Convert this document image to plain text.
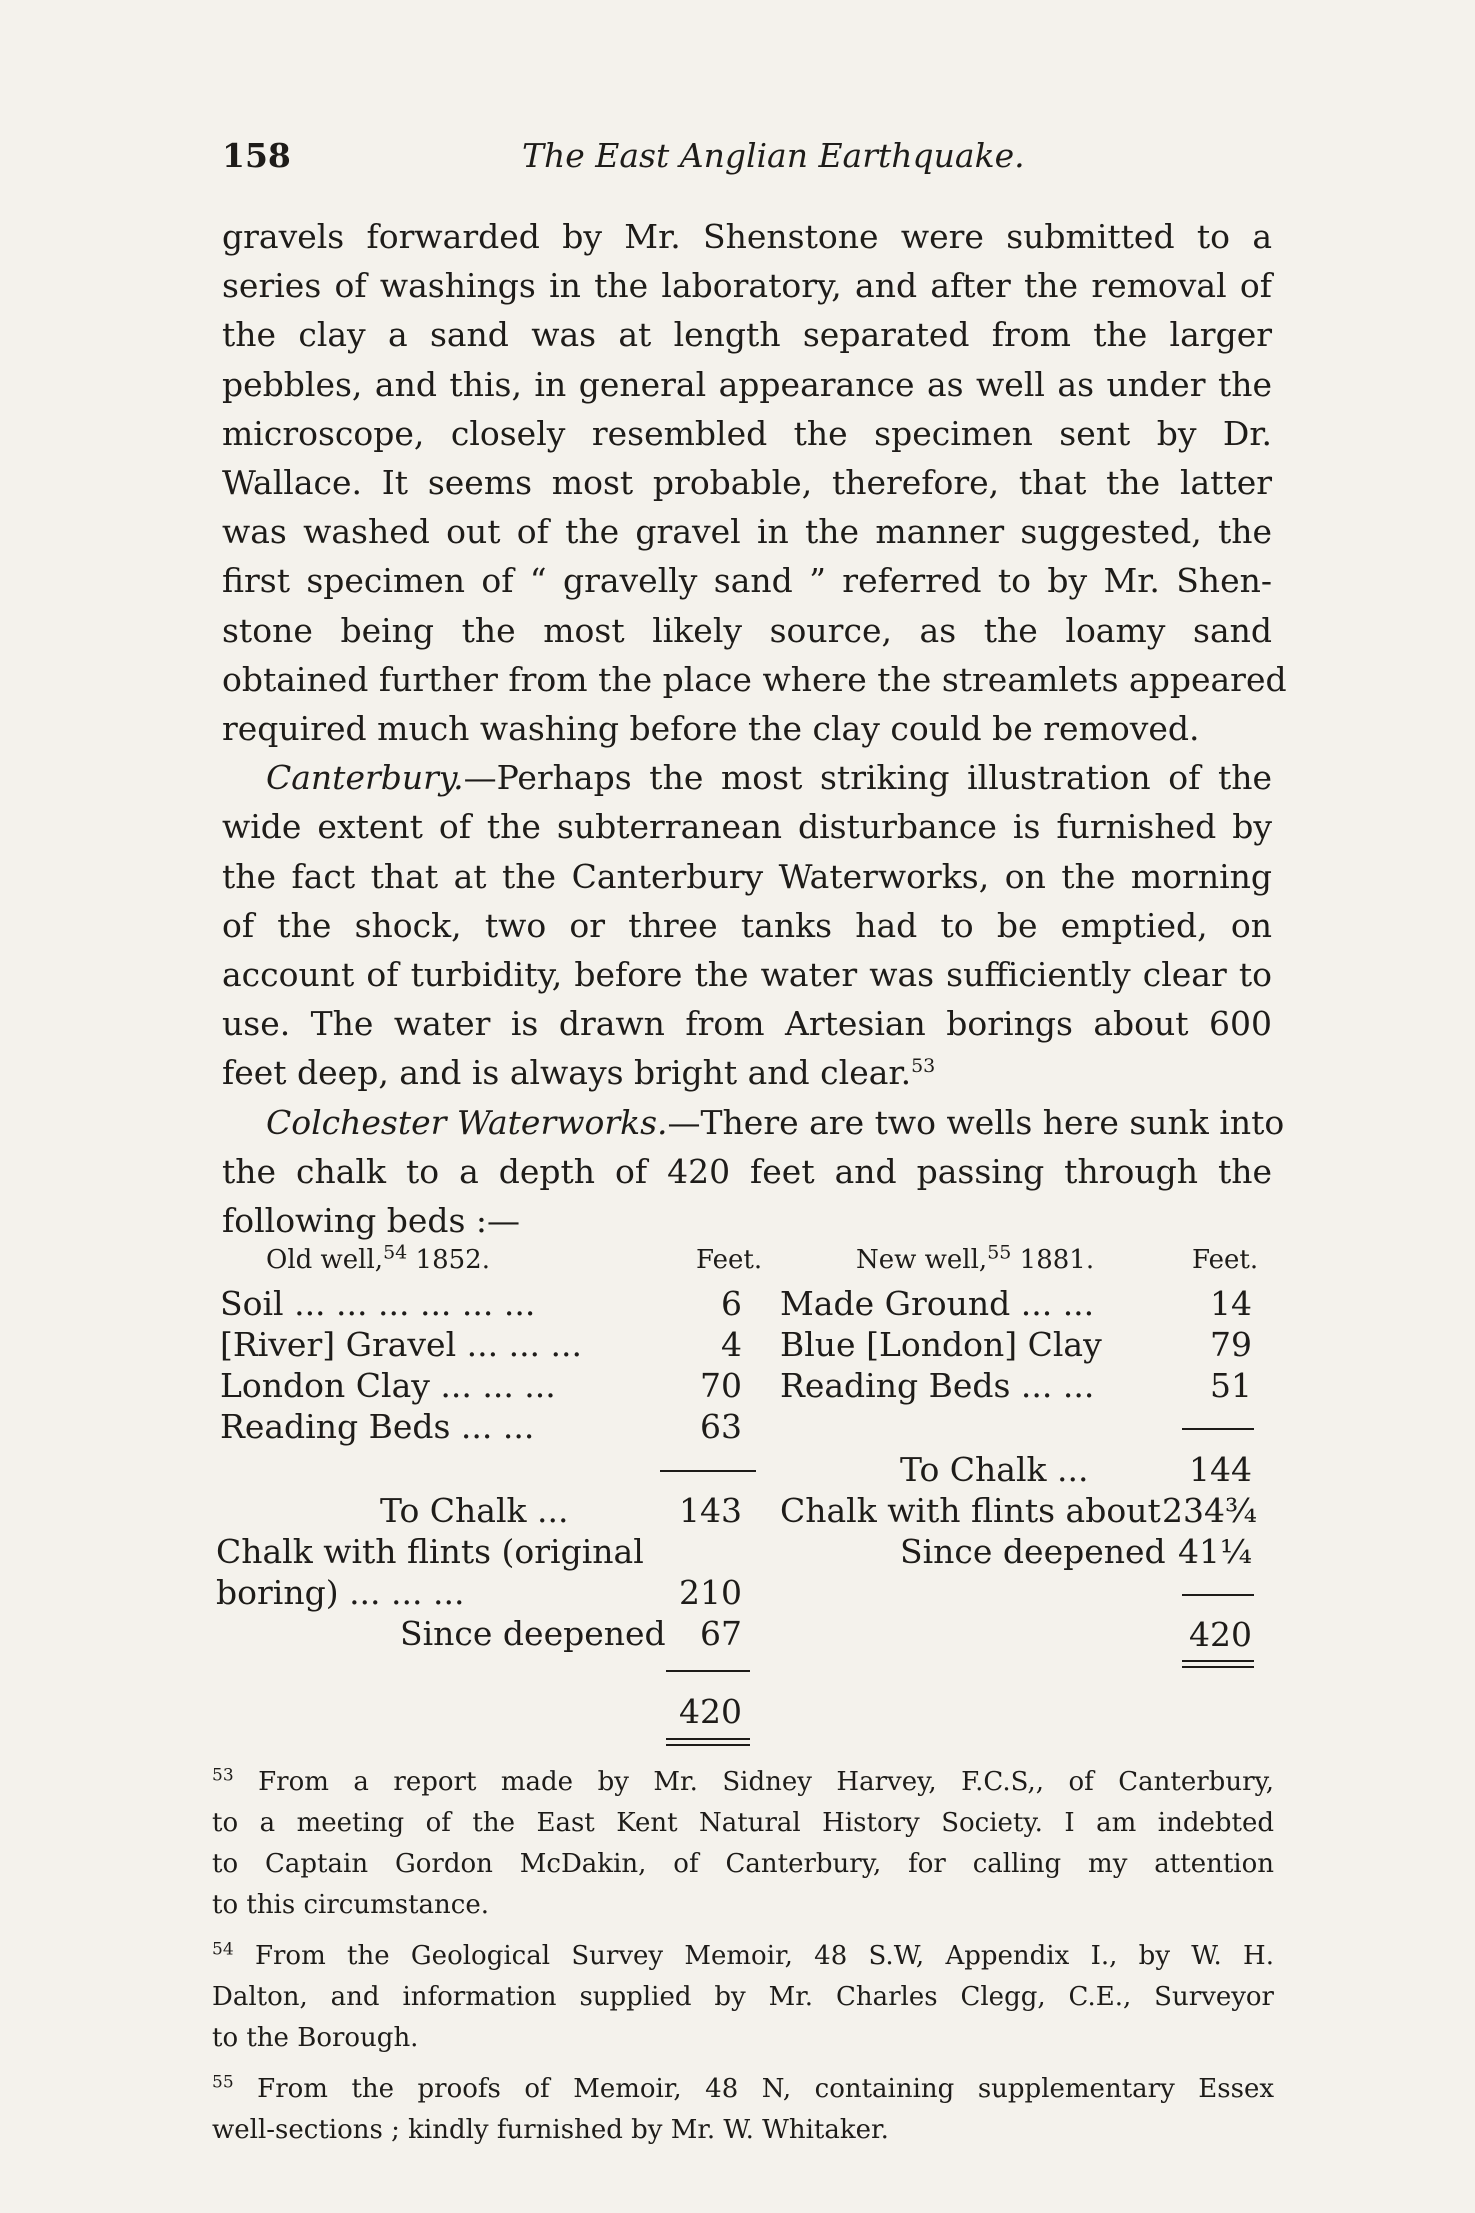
158	The East Anglian Earthquake.
gravels forwarded by Mr. Shenstone were submitted to a
series of washings in the laboratory, and after the removal of
the clay a sand was at length separated from the larger
pebbles, and this, in general appearance as well as under the
microscope, closely resembled the specimen sent by Dr.
Wallace. It seems most probable, therefore, that the latter
was washed out of the gravel in the manner suggested, the
first specimen of “ gravelly sand ” referred to by Mr. Shen-
stone being the most likely source, as the loamy sand
obtained further from the place where the streamlets appeared
required much washing before the clay could be removed.
Canterbury.—Perhaps the most striking illustration of the
wide extent of the subterranean disturbance is furnished by
the fact that at the Canterbury Waterworks, on the morning
of the shock, two or three tanks had to be emptied, on
account of turbidity, before the water was sufficiently clear to
use. The water is drawn from Artesian borings about 600
feet deep, and is always bright and clear.$^{53}$
Colchester Waterworks.—There are two wells here sunk into
the chalk to a depth of 420 feet and passing through the
following beds :—
Old well,$^{54}$ 1852.	Feet.	New well,$^{55}$ 1881.	Feet.
Soil ... ... ... ... ... ...	6
[River] Gravel ... ... ...	4
London Clay ... ... ...	70
Reading Beds ... ...	63
To Chalk ...	143
Chalk with flints (original
boring) ... ... ...	210
Since deepened	67
420
Made Ground ... ...	14
Blue [London] Clay	79
Reading Beds ... ...	51
To Chalk ...	144
Chalk with flints about 234¾
Since deepened 41¼
420
$^{53}$ From a report made by Mr. Sidney Harvey, F.C.S,, of Canterbury,
to a meeting of the East Kent Natural History Society. I am indebted
to Captain Gordon McDakin, of Canterbury, for calling my attention
to this circumstance.
$^{54}$ From the Geological Survey Memoir, 48 S.W, Appendix I., by W. H.
Dalton, and information supplied by Mr. Charles Clegg, C.E., Surveyor
to the Borough.
$^{55}$ From the proofs of Memoir, 48 N, containing supplementary Essex
well-sections ; kindly furnished by Mr. W. Whitaker.
